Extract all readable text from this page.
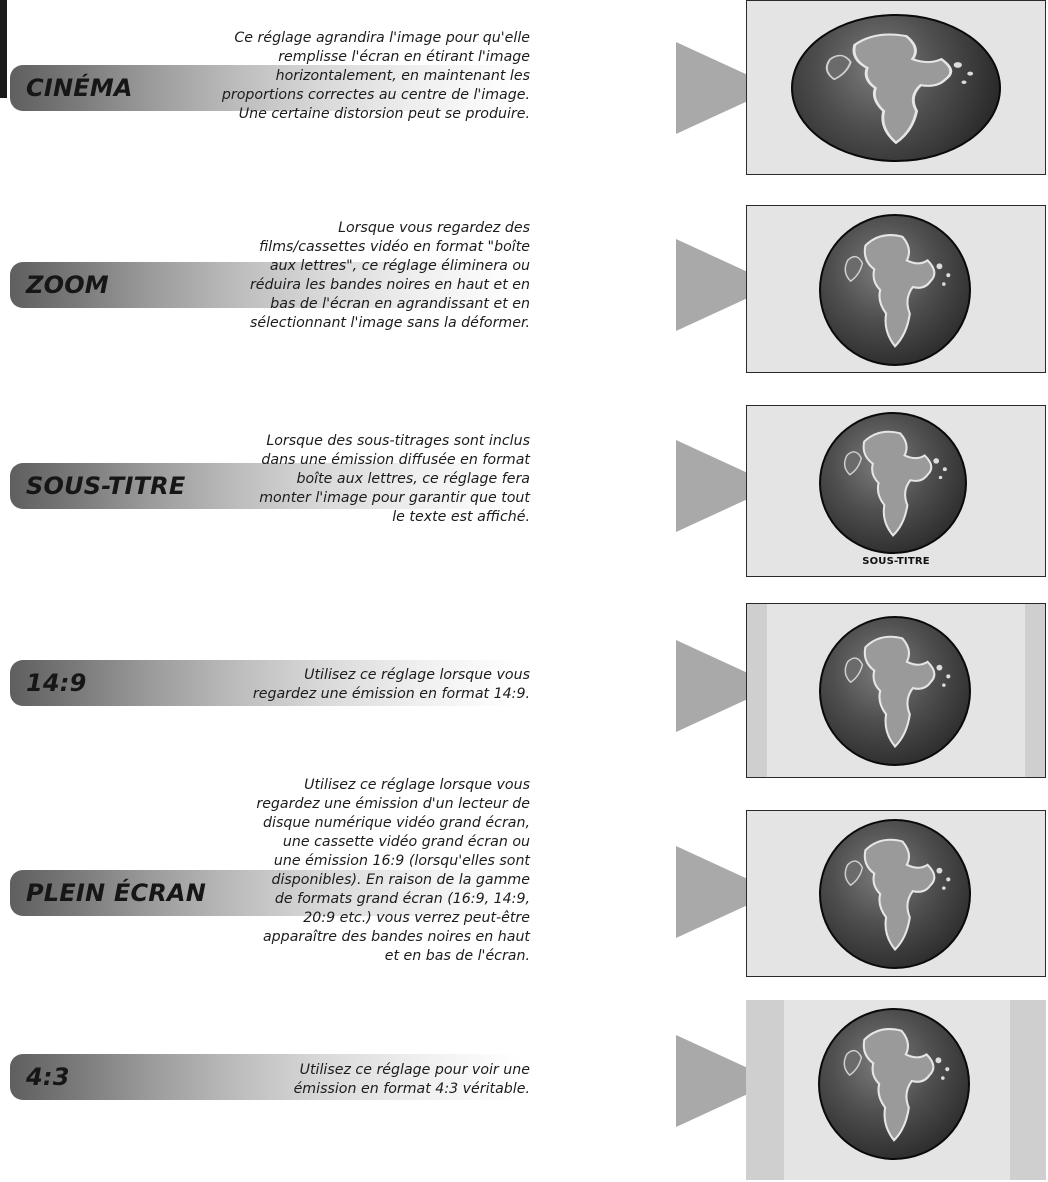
CINÉMA
Ce réglage agrandira l'image pour qu'elle
remplisse l'écran en étirant l'image
horizontalement, en maintenant les
proportions correctes au centre de l'image.
Une certaine distorsion peut se produire.
ZOOM
Lorsque vous regardez des
films/cassettes vidéo en format "boîte
aux lettres", ce réglage éliminera ou
réduira les bandes noires en haut et en
bas de l'écran en agrandissant et en
sélectionnant l'image sans la déformer.
SOUS-TITRE
Lorsque des sous-titrages sont inclus
dans une émission diffusée en format
boîte aux lettres, ce réglage fera
monter l'image pour garantir que tout
le texte est affiché.
SOUS-TITRE
14:9	Utilisez ce réglage lorsque vous
regardez une émission en format 14:9.
PLEIN ÉCRAN
Utilisez ce réglage lorsque vous
regardez une émission d'un lecteur de
disque numérique vidéo grand écran,
une cassette vidéo grand écran ou
une émission 16:9 (lorsqu'elles sont
disponibles). En raison de la gamme
de formats grand écran (16:9, 14:9,
20:9 etc.) vous verrez peut-être
apparaître des bandes noires en haut
et en bas de l'écran.
4:3	Utilisez ce réglage pour voir une
émission en format 4:3 véritable.
